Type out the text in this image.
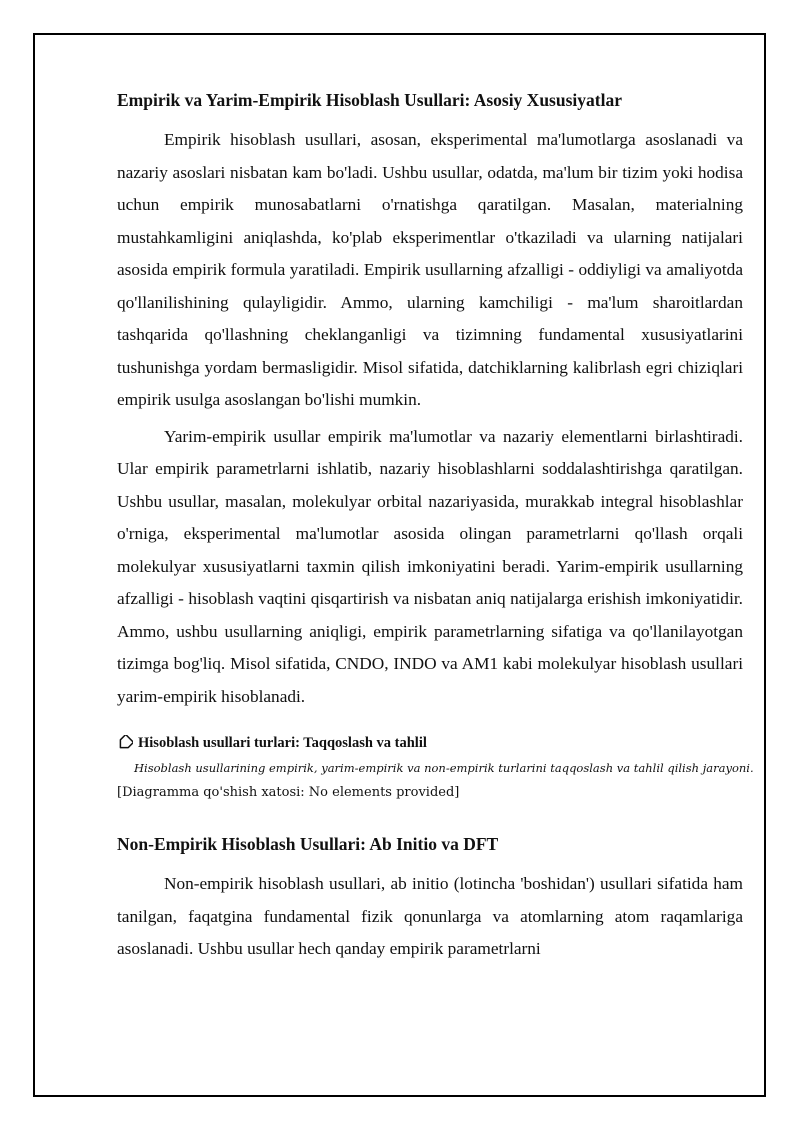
Empirik va Yarim-Empirik Hisoblash Usullari: Asosiy Xususiyatlar

Empirik hisoblash usullari, asosan, eksperimental ma'lumotlarga asoslanadi va nazariy asoslari nisbatan kam bo'ladi. Ushbu usullar, odatda, ma'lum bir tizim yoki hodisa uchun empirik munosabatlarni o'rnatishga qaratilgan. Masalan, materialning mustahkamligini aniqlashda, ko'plab eksperimentlar o'tkaziladi va ularning natijalari asosida empirik formula yaratiladi. Empirik usullarning afzalligi - oddiyligi va amaliyotda qo'llanilishining qulayligidir. Ammo, ularning kamchiligi - ma'lum sharoitlardan tashqarida qo'llashning cheklanganligi va tizimning fundamental xususiyatlarini tushunishga yordam bermasligidir. Misol sifatida, datchiklarning kalibrlash egri chiziqlari empirik usulga asoslangan bo'lishi mumkin.

Yarim-empirik usullar empirik ma'lumotlar va nazariy elementlarni birlashtiradi. Ular empirik parametrlarni ishlatib, nazariy hisoblashlarni soddalashtirishga qaratilgan. Ushbu usullar, masalan, molekulyar orbital nazariyasida, murakkab integral hisoblashlar o'rniga, eksperimental ma'lumotlar asosida olingan parametrlarni qo'llash orqali molekulyar xususiyatlarni taxmin qilish imkoniyatini beradi. Yarim-empirik usullarning afzalligi - hisoblash vaqtini qisqartirish va nisbatan aniq natijalarga erishish imkoniyatidir. Ammo, ushbu usullarning aniqligi, empirik parametrlarning sifatiga va qo'llanilayotgan tizimga bog'liq. Misol sifatida, CNDO, INDO va AM1 kabi molekulyar hisoblash usullari yarim-empirik hisoblanadi.

Hisoblash usullari turlari: Taqqoslash va tahlil
Hisoblash usullarining empirik, yarim-empirik va non-empirik turlarini taqqoslash va tahlil qilish jarayoni.
[Diagramma qo'shish xatosi: No elements provided]
Non-Empirik Hisoblash Usullari: Ab Initio va DFT

Non-empirik hisoblash usullari, ab initio (lotincha 'boshidan') usullari sifatida ham tanilgan, faqatgina fundamental fizik qonunlarga va atomlarning atom raqamlariga asoslanadi. Ushbu usullar hech qanday empirik parametrlarni
